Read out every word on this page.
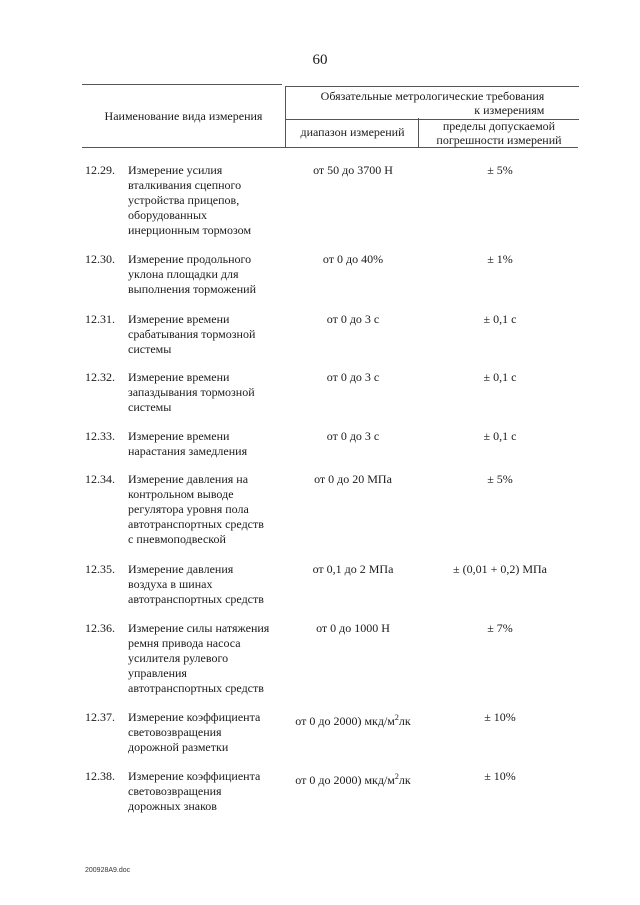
60
Наименование вида измерения
Обязательные метрологические требования
к измерениям
диапазон измерений	пределы допускаемой
погрешности измерений
12.29.	Измерение усилия
вталкивания сцепного
устройства прицепов,
оборудованных
инерционным тормозом
от 50 до 3700 Н	± 5%
12.30.	Измерение продольного
уклона площадки для
выполнения торможений
от 0 до 40%	± 1%
12.31.	Измерение времени
срабатывания тормозной
системы
от 0 до 3 с	± 0,1 с
12.32.	Измерение времени
запаздывания тормозной
системы
от 0 до 3 с	± 0,1 с
12.33.	Измерение времени
нарастания замедления
от 0 до 3 с	± 0,1 с
12.34.	Измерение давления на
контрольном выводе
регулятора уровня пола
автотранспортных средств
с пневмоподвеской
от 0 до 20 МПа	± 5%
12.35.	Измерение давления
воздуха в шинах
автотранспортных средств
от 0,1 до 2 МПа	± (0,01 + 0,2) МПа
12.36.	Измерение силы натяжения
ремня привода насоса
усилителя рулевого
управления
автотранспортных средств
от 0 до 1000 Н	± 7%
12.37.	Измерение коэффициента
световозвращения
дорожной разметки
от 0 до 2000) мкд/$м^2лк$	± 10%
12.38.	Измерение коэффициента
световозвращения
дорожных знаков
от 0 до 2000) мкд/$м^2лк$	± 10%
200928A9.doc
